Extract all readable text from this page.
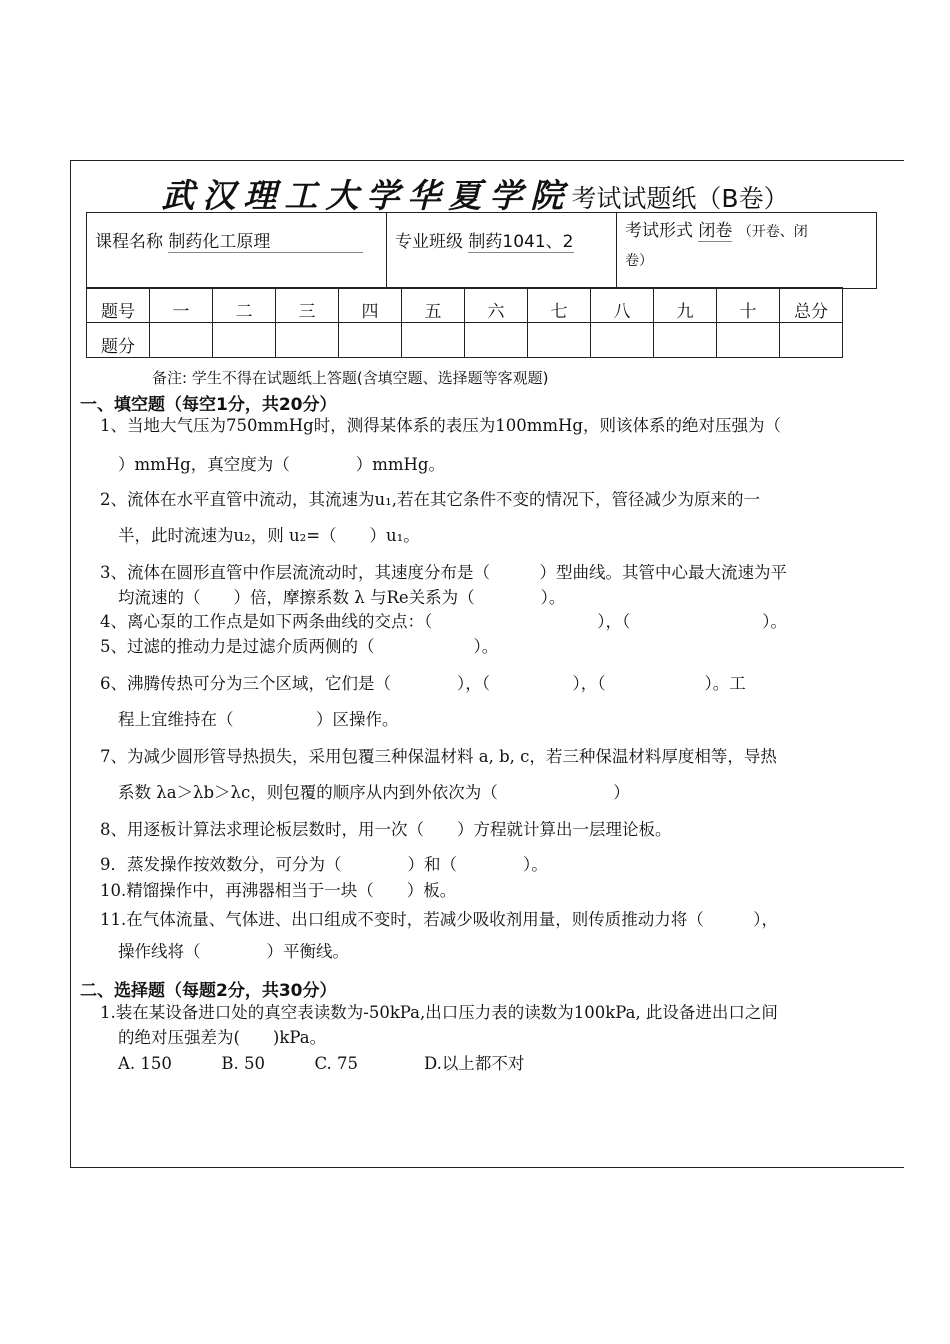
武汉理工大学华夏学院考试试题纸（B卷）
课程名称 制药化工原理	专业班级 制药1041、2
考试形式 闭卷 （开卷、闭
卷）
题号	一	二	三	四	五	六	七	八	九	十	总分
题分											
备注: 学生不得在试题纸上答题(含填空题、选择题等客观题)
一、填空题（每空1分，共20分）
1、当地大气压为750mmHg时，测得某体系的表压为100mmHg，则该体系的绝对压强为（
）mmHg，真空度为（　　　　）mmHg。
2、流体在水平直管中流动，其流速为u₁,若在其它条件不变的情况下，管径减少为原来的一
半，此时流速为u₂，则 u₂=（　　）u₁。
3、流体在圆形直管中作层流流动时，其速度分布是（　　　）型曲线。其管中心最大流速为平
均流速的（　　）倍，摩擦系数 λ 与Re关系为（　　　　）。
4、离心泵的工作点是如下两条曲线的交点：（　　　　　　　　　　），（　　　　　　　　）。
5、过滤的推动力是过滤介质两侧的（　　　　　　）。
6、沸腾传热可分为三个区域，它们是（　　　　），（　　　　　），（　　　　　　）。工
程上宜维持在（　　　　　）区操作。
7、为减少圆形管导热损失，采用包覆三种保温材料 a, b, c，若三种保温材料厚度相等，导热
系数 λa＞λb＞λc，则包覆的顺序从内到外依次为（　　　　　　　）
8、用逐板计算法求理论板层数时，用一次（　　）方程就计算出一层理论板。
9．蒸发操作按效数分，可分为（　　　　）和（　　　　）。
10.精馏操作中，再沸器相当于一块（　　）板。
11.在气体流量、气体进、出口组成不变时，若减少吸收剂用量，则传质推动力将（　　　），
操作线将（　　　　）平衡线。
二、选择题（每题2分，共30分）
1.装在某设备进口处的真空表读数为-50kPa,出口压力表的读数为100kPa, 此设备进出口之间
的绝对压强差为(　　)kPa。
A. 150　　　B. 50　　　C. 75　　　　D.以上都不对
